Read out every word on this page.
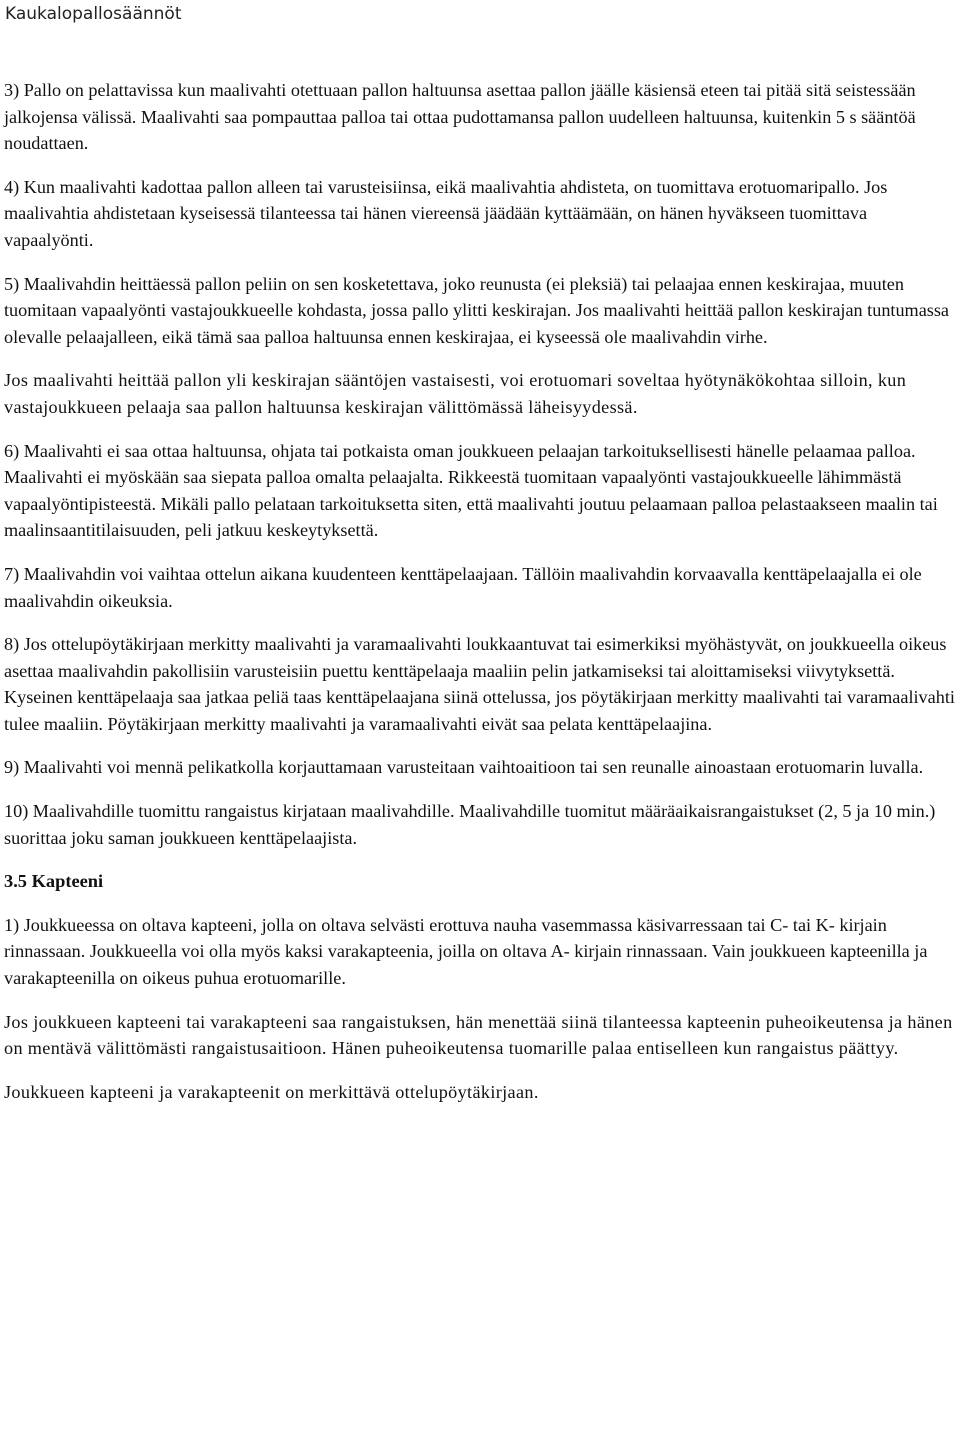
Kaukalopallosäännöt

3) Pallo on pelattavissa kun maalivahti otettuaan pallon haltuunsa asettaa pallon jäälle käsiensä eteen tai pitää sitä seistessään jalkojensa välissä. Maalivahti saa pompauttaa palloa tai ottaa pudottamansa pallon uudelleen haltuunsa, kuitenkin 5 s sääntöä noudattaen.

4) Kun maalivahti kadottaa pallon alleen tai varusteisiinsa, eikä maalivahtia ahdisteta, on tuomittava erotuomaripallo. Jos maalivahtia ahdistetaan kyseisessä tilanteessa tai hänen viereensä jäädään kyttäämään, on hänen hyväkseen tuomittava vapaalyönti.

5) Maalivahdin heittäessä pallon peliin on sen kosketettava, joko reunusta (ei pleksiä) tai pelaajaa ennen keskirajaa, muuten tuomitaan vapaalyönti vastajoukkueelle kohdasta, jossa pallo ylitti keskirajan. Jos maalivahti heittää pallon keskirajan tuntumassa olevalle pelaajalleen, eikä tämä saa palloa haltuunsa ennen keskirajaa, ei kyseessä ole maalivahdin virhe.

Jos maalivahti heittää pallon yli keskirajan sääntöjen vastaisesti, voi erotuomari soveltaa hyötynäkökohtaa silloin, kun vastajoukkueen pelaaja saa pallon haltuunsa keskirajan välittömässä läheisyydessä.

6) Maalivahti ei saa ottaa haltuunsa, ohjata tai potkaista oman joukkueen pelaajan tarkoituksellisesti hänelle pelaamaa palloa. Maalivahti ei myöskään saa siepata palloa omalta pelaajalta. Rikkeestä tuomitaan vapaalyönti vastajoukkueelle lähimmästä vapaalyöntipisteestä. Mikäli pallo pelataan tarkoituksetta siten, että maalivahti joutuu pelaamaan palloa pelastaakseen maalin tai maalinsaantitilaisuuden, peli jatkuu keskeytyksettä.

7) Maalivahdin voi vaihtaa ottelun aikana kuudenteen kenttäpelaajaan. Tällöin maalivahdin korvaavalla kenttäpelaajalla ei ole maalivahdin oikeuksia.

8) Jos ottelupöytäkirjaan merkitty maalivahti ja varamaalivahti loukkaantuvat tai esimerkiksi myöhästyvät, on joukkueella oikeus asettaa maalivahdin pakollisiin varusteisiin puettu kenttäpelaaja maaliin pelin jatkamiseksi tai aloittamiseksi viivytyksettä. Kyseinen kenttäpelaaja saa jatkaa peliä taas kenttäpelaajana siinä ottelussa, jos pöytäkirjaan merkitty maalivahti tai varamaalivahti tulee maaliin. Pöytäkirjaan merkitty maalivahti ja varamaalivahti eivät saa pelata kenttäpelaajina.

9) Maalivahti voi mennä pelikatkolla korjauttamaan varusteitaan vaihtoaitioon tai sen reunalle ainoastaan erotuomarin luvalla.

10) Maalivahdille tuomittu rangaistus kirjataan maalivahdille. Maalivahdille tuomitut määräaikaisrangaistukset (2, 5 ja 10 min.) suorittaa joku saman joukkueen kenttäpelaajista.

3.5 Kapteeni

1) Joukkueessa on oltava kapteeni, jolla on oltava selvästi erottuva nauha vasemmassa käsivarressaan tai C- tai K- kirjain rinnassaan. Joukkueella voi olla myös kaksi varakapteenia, joilla on oltava A- kirjain rinnassaan. Vain joukkueen kapteenilla ja varakapteenilla on oikeus puhua erotuomarille.

Jos joukkueen kapteeni tai varakapteeni saa rangaistuksen, hän menettää siinä tilanteessa kapteenin puheoikeutensa ja hänen on mentävä välittömästi rangaistusaitioon. Hänen puheoikeutensa tuomarille palaa entiselleen kun rangaistus päättyy.

Joukkueen kapteeni ja varakapteenit on merkittävä ottelupöytäkirjaan.
